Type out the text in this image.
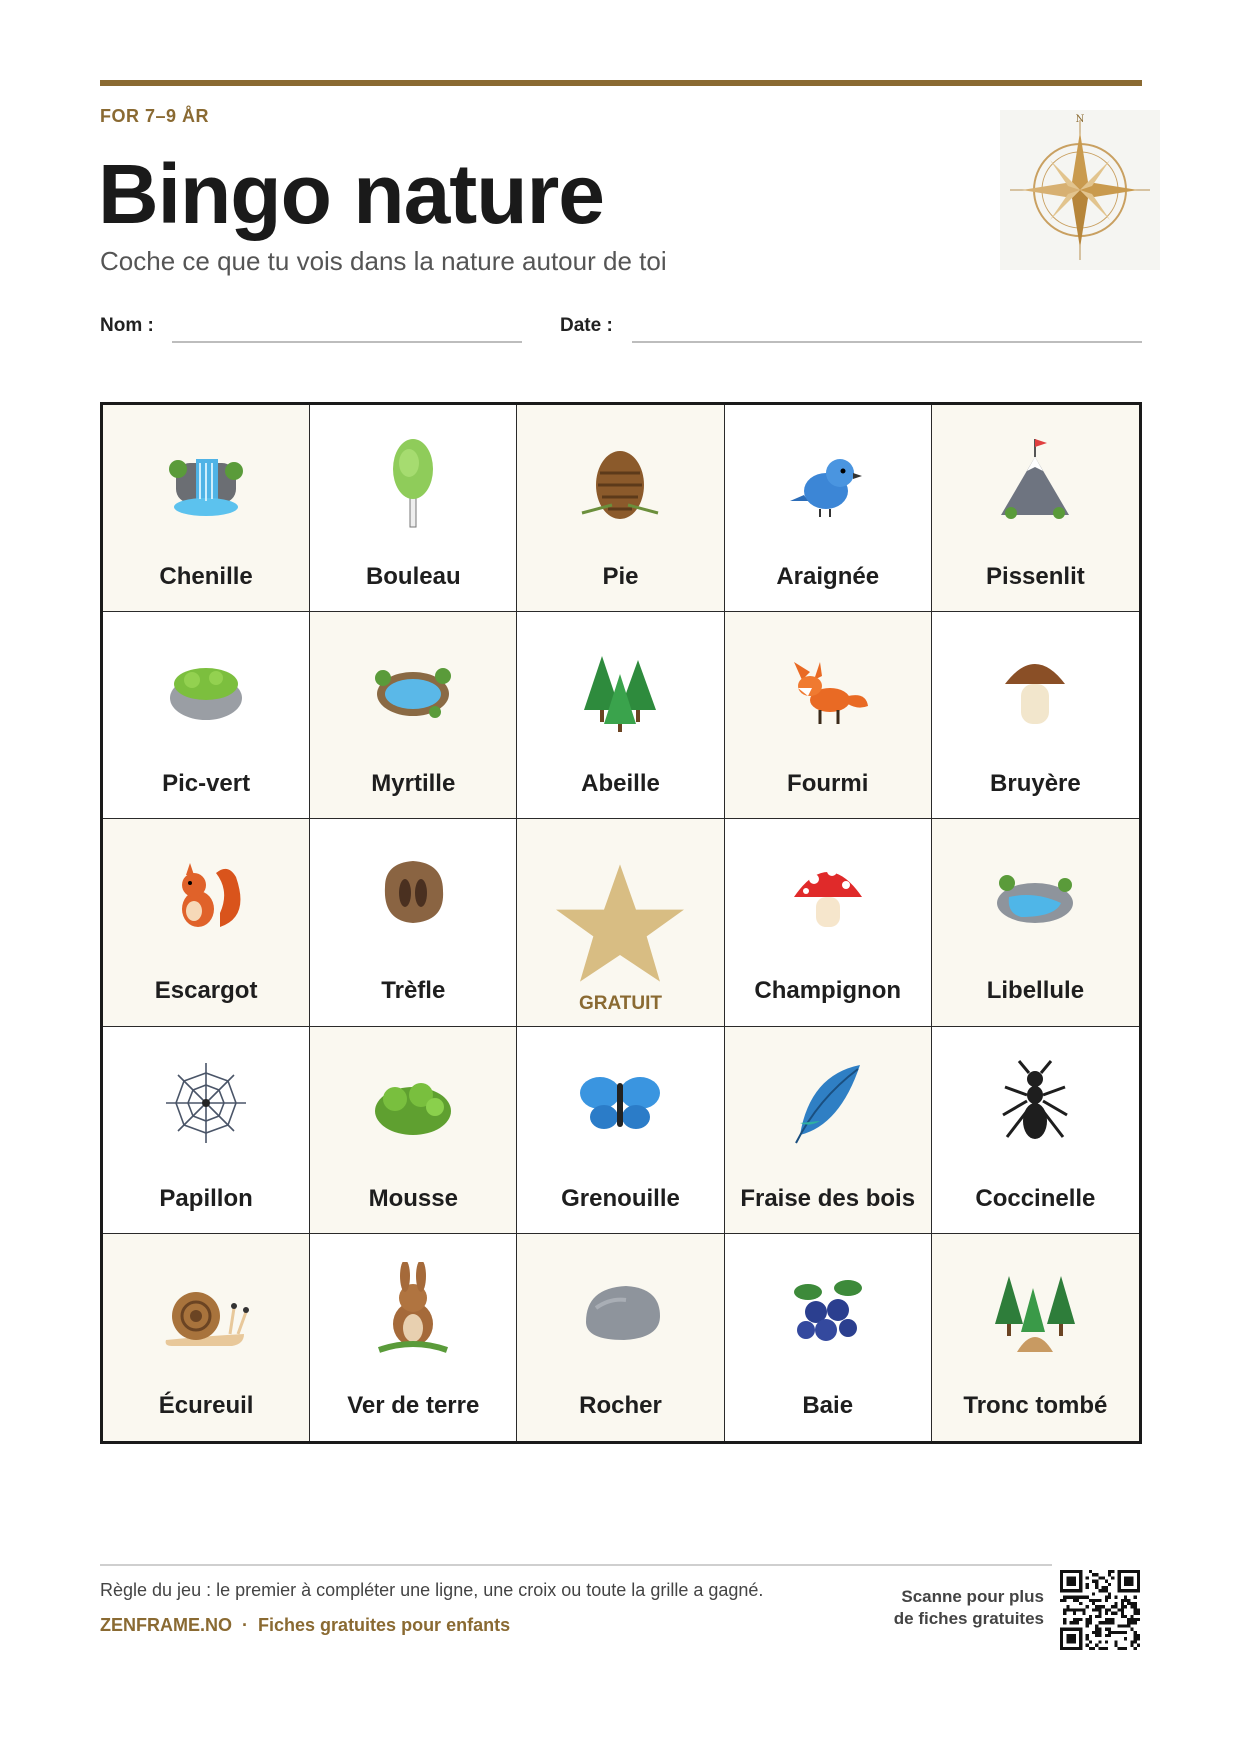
FOR 7–9 ÅR
Bingo nature
Coche ce que tu vois dans la nature autour de toi
N
Nom :	Date :
Chenille	Bouleau	Pie	Araignée	Pissenlit
Pic-vert	Myrtille	Abeille	Fourmi	Bruyère
Escargot	Trèfle	GRATUIT	Champignon	Libellule
Papillon	Mousse	Grenouille	Fraise des bois	Coccinelle
Écureuil	Ver de terre	Rocher	Baie	Tronc tombé
Règle du jeu : le premier à compléter une ligne, une croix ou toute la grille a gagné.
ZENFRAME.NO · Fiches gratuites pour enfants
Scanne pour plus
de fiches gratuites
